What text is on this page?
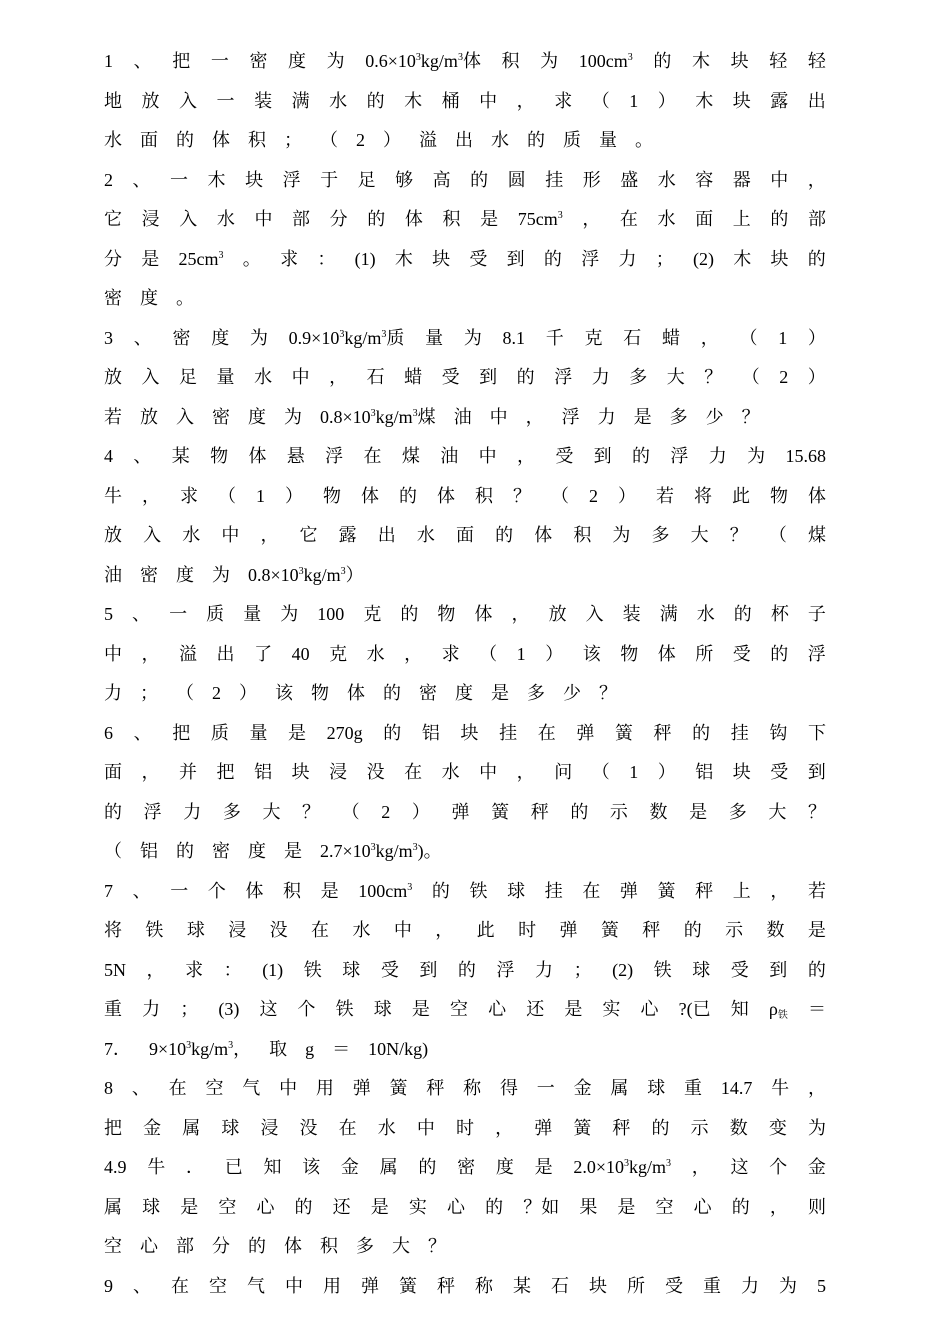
1 、 把 一 密 度 为 $0.6\times 10^3kg/m^3$体 积 为 $100cm^3$ 的 木 块 轻 轻
地 放 入 一 装 满 水 的 木 桶 中 ， 求 （ 1 ） 木 块 露 出
水 面 的 体 积 ； （ 2 ） 溢 出 水 的 质 量 。
2 、 一 木 块 浮 于 足 够 高 的 圆 挂 形 盛 水 容 器 中 ，
它 浸 入 水 中 部 分 的 体 积 是 $75cm^3$ ， 在 水 面 上 的 部
分 是 $25cm^3$ 。 求 ： (1) 木 块 受 到 的 浮 力 ； (2) 木 块 的
密 度 。
3 、 密 度 为 $0.9\times 10^3kg/m^3$质 量 为 8.1 千 克 石 蜡 ， （ 1 ）
放 入 足 量 水 中 ， 石 蜡 受 到 的 浮 力 多 大 ？ （ 2 ）
若 放 入 密 度 为 $0.8\times 10^3kg/m^3$煤 油 中 ， 浮 力 是 多 少 ？
4 、 某 物 体 悬 浮 在 煤 油 中 ， 受 到 的 浮 力 为 15.68
牛 ， 求 （ 1 ） 物 体 的 体 积 ？ （ 2 ） 若 将 此 物 体
放 入 水 中 ， 它 露 出 水 面 的 体 积 为 多 大 ？ （ 煤
油 密 度 为 $0.8\times 10^3kg/m^3$）
5 、 一 质 量 为 100 克 的 物 体 ， 放 入 装 满 水 的 杯 子
中 ， 溢 出 了 40 克 水 ， 求 （ 1 ） 该 物 体 所 受 的 浮
力 ； （ 2 ） 该 物 体 的 密 度 是 多 少 ？
6 、 把 质 量 是 270g 的 铝 块 挂 在 弹 簧 秤 的 挂 钩 下
面 ， 并 把 铝 块 浸 没 在 水 中 ， 问 （ 1 ） 铝 块 受 到
的 浮 力 多 大 ？ （ 2 ） 弹 簧 秤 的 示 数 是 多 大 ？
（ 铝 的 密 度 是 $2.7\times 10^3kg/m^3$)。
7 、 一 个 体 积 是 $100cm^3$ 的 铁 球 挂 在 弹 簧 秤 上 ， 若
将 铁 球 浸 没 在 水 中 ， 此 时 弹 簧 秤 的 示 数 是
5N ， 求 ： (1) 铁 球 受 到 的 浮 力 ； (2) 铁 球 受 到 的
重 力 ； (3) 这 个 铁 球 是 空 心 还 是 实 心 ?(已 知 $\rho_铁$ ＝
7． $9\times 10^3kg/m^3$， 取 g ＝ 10N/kg)
8 、 在 空 气 中 用 弹 簧 秤 称 得 一 金 属 球 重 14.7 牛 ，
把 金 属 球 浸 没 在 水 中 时 ， 弹 簧 秤 的 示 数 变 为
4.9 牛 ． 已 知 该 金 属 的 密 度 是 $2.0\times 10^3kg/m^3$ ， 这 个 金
属 球 是 空 心 的 还 是 实 心 的 ？如 果 是 空 心 的 ， 则
空 心 部 分 的 体 积 多 大 ？
9 、 在 空 气 中 用 弹 簧 秤 称 某 石 块 所 受 重 力 为 5
